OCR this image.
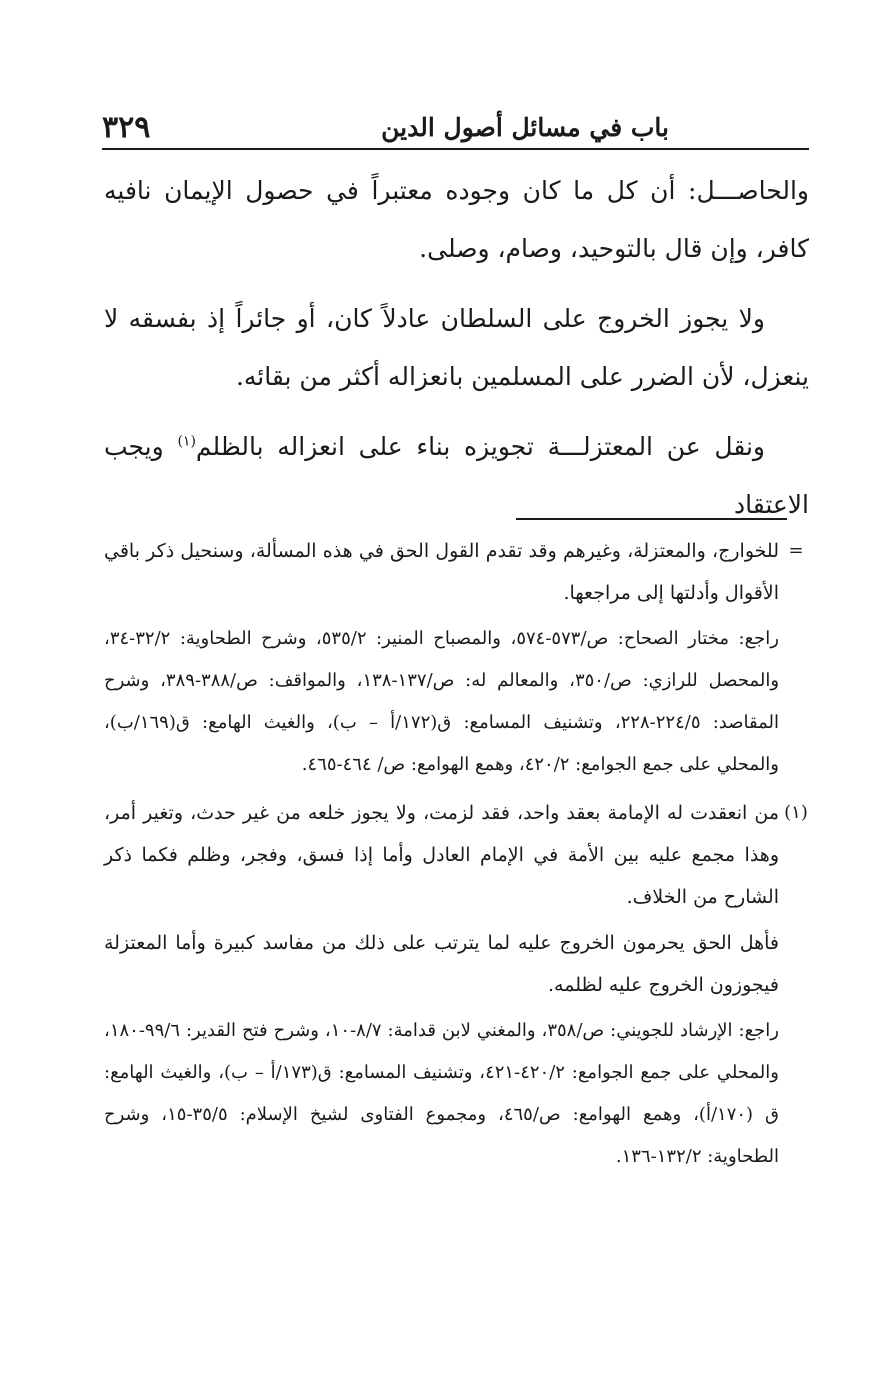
٣٢٩	باب في مسائل أصول الدين

والحاصـــل: أن كل ما كان وجوده معتبراً في حصول الإيمان نافيه كافر، وإن قال بالتوحيد، وصام، وصلى.

ولا يجوز الخروج على السلطان عادلاً كان، أو جائراً إذ بفسقه لا ينعزل، لأن الضرر على المسلمين بانعزاله أكثر من بقائه.

ونقل عن المعتزلـــة تجويزه بناء على انعزاله بالظلم$^{(١)}$ ويجب الاعتقاد

=

للخوارج، والمعتزلة، وغيرهم وقد تقدم القول الحق في هذه المسألة، وسنحيل ذكر باقي الأقوال وأدلتها إلى مراجعها.

راجع: مختار الصحاح: ص/٥٧٣-٥٧٤، والمصباح المنير: ٥٣٥/٢، وشرح الطحاوية: ٣٢/٢-٣٤، والمحصل للرازي: ص/٣٥٠، والمعالم له: ص/١٣٧-١٣٨، والمواقف: ص/٣٨٨-٣٨٩، وشرح المقاصد: ٢٢٤/٥-٢٢٨، وتشنيف المسامع: ق(١٧٢/أ – ب)، والغيث الهامع: ق(١٦٩/ب)، والمحلي على جمع الجوامع: ٤٢٠/٢، وهمع الهوامع: ص/ ٤٦٤-٤٦٥.

(١)

من انعقدت له الإمامة بعقد واحد، فقد لزمت، ولا يجوز خلعه من غير حدث، وتغير أمر، وهذا مجمع عليه بين الأمة في الإمام العادل وأما إذا فسق، وفجر، وظلم فكما ذكر الشارح من الخلاف.

فأهل الحق يحرمون الخروج عليه لما يترتب على ذلك من مفاسد كبيرة وأما المعتزلة فيجوزون الخروج عليه لظلمه.

راجع: الإرشاد للجويني: ص/٣٥٨، والمغني لابن قدامة: ٨/٧-١٠، وشرح فتح القدير: ٩٩/٦-١٨٠، والمحلي على جمع الجوامع: ٤٢٠/٢-٤٢١، وتشنيف المسامع: ق(١٧٣/أ – ب)، والغيث الهامع: ق (١٧٠/أ)، وهمع الهوامع: ص/٤٦٥، ومجموع الفتاوى لشيخ الإسلام: ٣٥/٥-١٥، وشرح الطحاوية: ١٣٢/٢-١٣٦.
